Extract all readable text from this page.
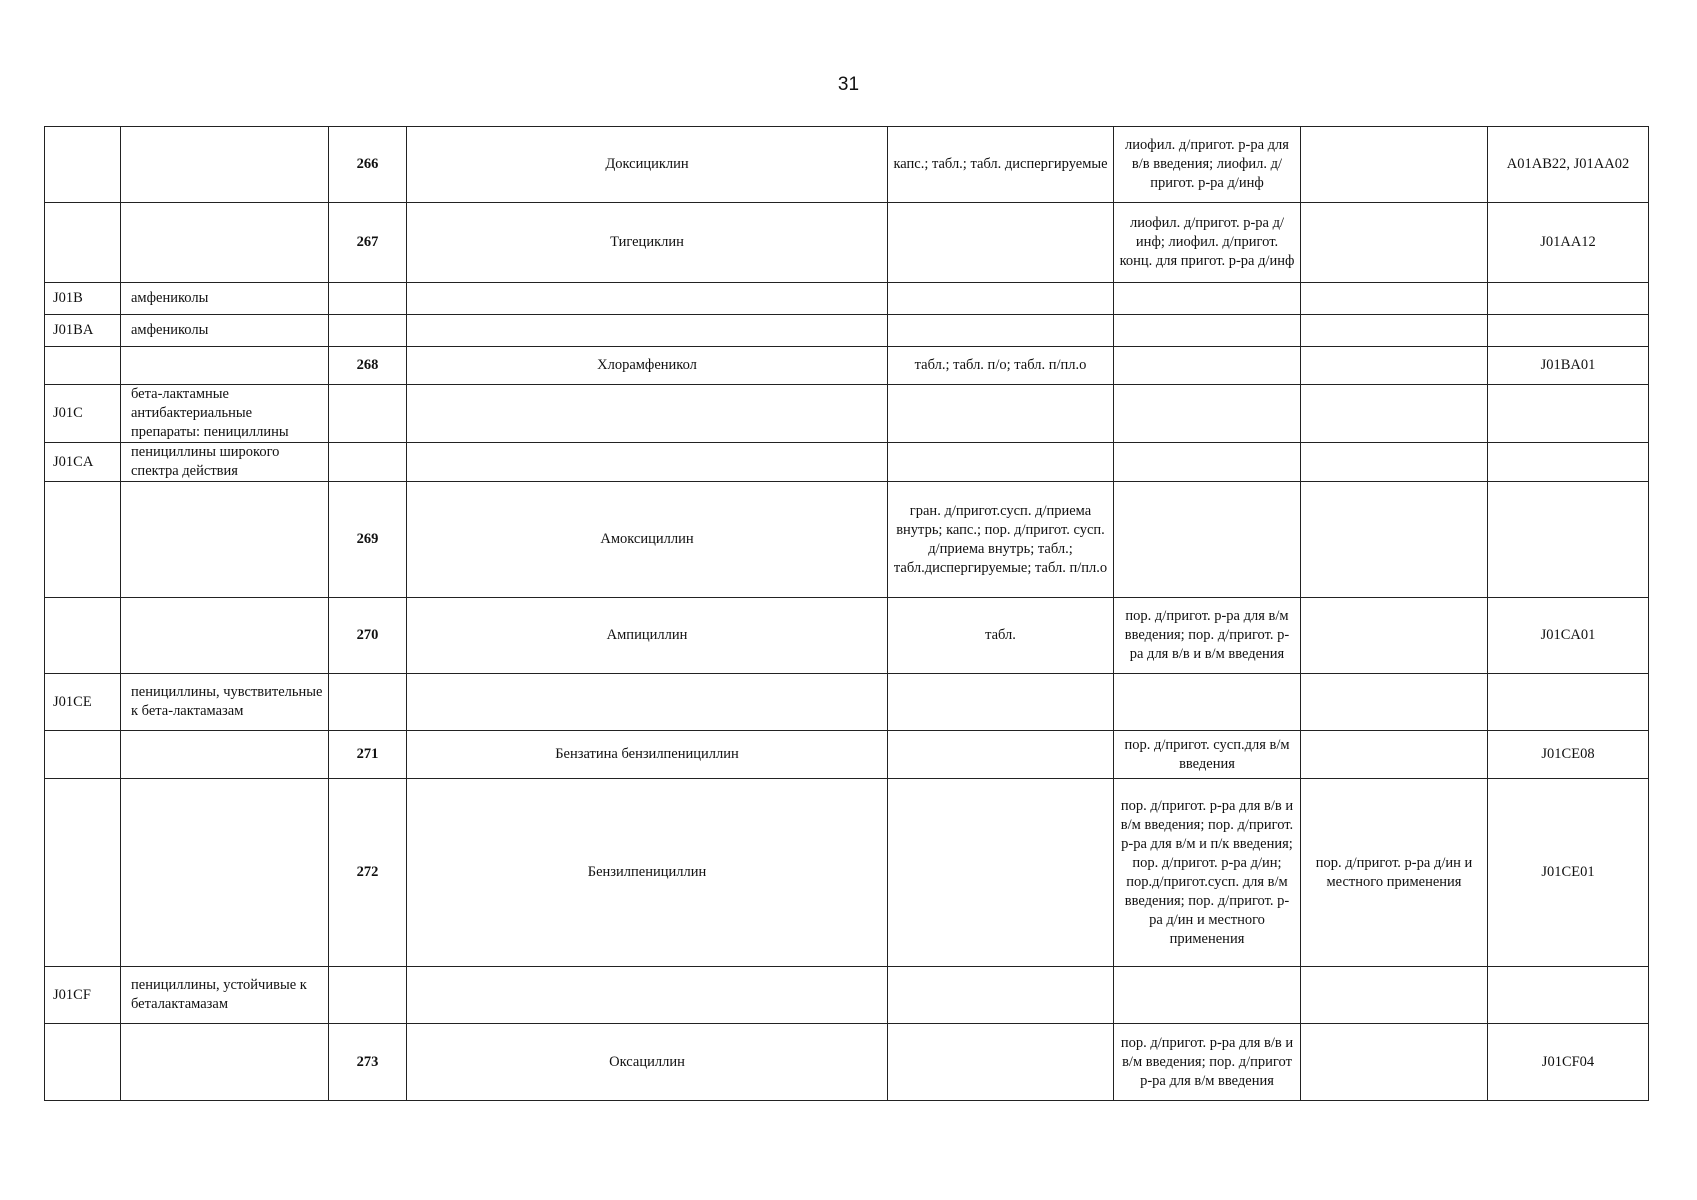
31
		266	Доксициклин	капс.; табл.; табл. диспергируемые	лиофил. д/пригот. р-ра для в/в введения; лиофил. д/пригот. р-ра д/инф		A01AB22, J01AA02
		267	Тигециклин		лиофил. д/пригот. р-ра д/инф; лиофил. д/пригот. конц. для пригот. р-ра д/инф		J01AA12
J01B	амфениколы						
J01BA	амфениколы						
		268	Хлорамфеникол	табл.; табл. п/о; табл. п/пл.о			J01BA01
J01C	бета-лактамные антибактериальные препараты: пенициллины						
J01CA	пенициллины широкого спектра действия						
		269	Амоксициллин	гран. д/пригот.сусп. д/приема внутрь; капс.; пор. д/пригот. сусп. д/приема внутрь; табл.; табл.диспергируемые; табл. п/пл.о			
		270	Ампициллин	табл.	пор. д/пригот. р-ра для в/м введения; пор. д/пригот. р-ра для в/в и в/м введения		J01CA01
J01CE	пенициллины, чувствительные к бета-лактамазам						
		271	Бензатина бензилпенициллин		пор. д/пригот. сусп.для в/м введения		J01CE08
		272	Бензилпенициллин		пор. д/пригот. р-ра для в/в и в/м введения; пор. д/пригот. р-ра для в/м и п/к введения; пор. д/пригот. р-ра д/ин; пор.д/пригот.сусп. для в/м введения; пор. д/пригот. р-ра д/ин и местного применения	пор. д/пригот. р-ра д/ин и местного применения	J01CE01
J01CF	пенициллины, устойчивые к беталактамазам						
		273	Оксациллин		пор. д/пригот. р-ра для в/в и в/м введения; пор. д/пригот р-ра для в/м введения		J01CF04
